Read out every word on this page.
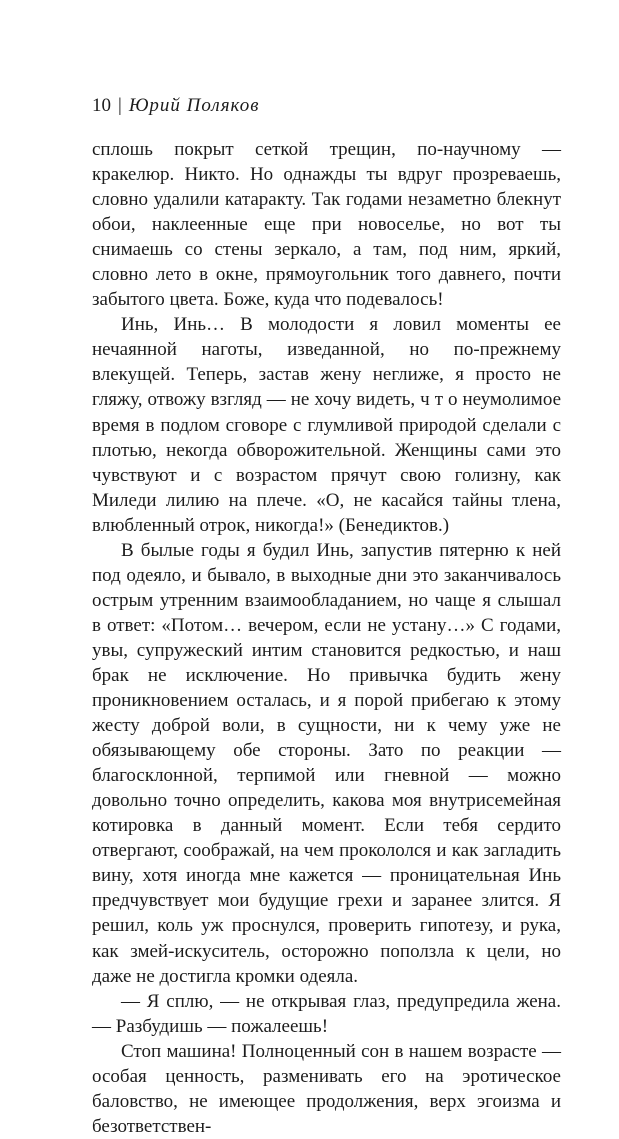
10 | Юрий Поляков

сплошь покрыт сеткой трещин, по-научному — кракелюр. Никто. Но однажды ты вдруг прозреваешь, словно удалили катаракту. Так годами незаметно блекнут обои, наклеенные еще при новоселье, но вот ты снимаешь со стены зеркало, а там, под ним, яркий, словно лето в окне, прямоугольник того давнего, почти забытого цвета. Боже, куда что подевалось!

Инь, Инь… В молодости я ловил моменты ее нечаянной наготы, изведанной, но по-прежнему влекущей. Теперь, застав жену неглиже, я просто не гляжу, отвожу взгляд — не хочу видеть, ч т о неумолимое время в подлом сговоре с глумливой природой сделали с плотью, некогда обворожительной. Женщины сами это чувствуют и с возрастом прячут свою голизну, как Миледи лилию на плече. «О, не касайся тайны тлена, влюбленный отрок, никогда!» (Бенедиктов.)

В былые годы я будил Инь, запустив пятерню к ней под одеяло, и бывало, в выходные дни это заканчивалось острым утренним взаимообладанием, но чаще я слышал в ответ: «Потом… вечером, если не устану…» С годами, увы, супружеский интим становится редкостью, и наш брак не исключение. Но привычка будить жену проникновением осталась, и я порой прибегаю к этому жесту доброй воли, в сущности, ни к чему уже не обязывающему обе стороны. Зато по реакции — благосклонной, терпимой или гневной — можно довольно точно определить, какова моя внутрисемейная котировка в данный момент. Если тебя сердито отвергают, соображай, на чем прокололся и как загладить вину, хотя иногда мне кажется — проницательная Инь предчувствует мои будущие грехи и заранее злится. Я решил, коль уж проснулся, проверить гипотезу, и рука, как змей-искуситель, осторожно поползла к цели, но даже не достигла кромки одеяла.

— Я сплю, — не открывая глаз, предупредила жена. — Разбудишь — пожалеешь!

Стоп машина! Полноценный сон в нашем возрасте — особая ценность, разменивать его на эротическое баловство, не имеющее продолжения, верх эгоизма и безответствен-
